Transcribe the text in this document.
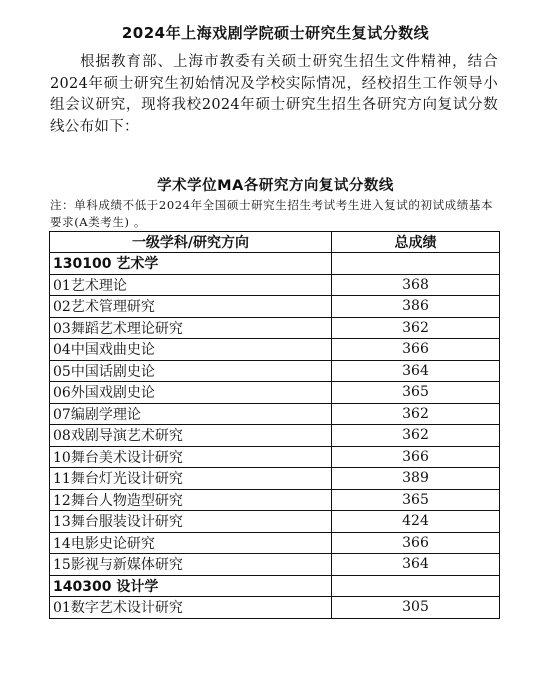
2024年上海戏剧学院硕士研究生复试分数线
根据教育部、上海市教委有关硕士研究生招生文件精神，结合2024年硕士研究生初始情况及学校实际情况，经校招生工作领导小组会议研究，现将我校2024年硕士研究生招生各研究方向复试分数线公布如下：
学术学位MA各研究方向复试分数线
注：单科成绩不低于2024年全国硕士研究生招生考试考生进入复试的初试成绩基本要求(A类考生) 。
一级学科/研究方向	总成绩
130100 艺术学	
01艺术理论	368
02艺术管理研究	386
03舞蹈艺术理论研究	362
04中国戏曲史论	366
05中国话剧史论	364
06外国戏剧史论	365
07编剧学理论	362
08戏剧导演艺术研究	362
10舞台美术设计研究	366
11舞台灯光设计研究	389
12舞台人物造型研究	365
13舞台服装设计研究	424
14电影史论研究	366
15影视与新媒体研究	364
140300 设计学	
01数字艺术设计研究	305
